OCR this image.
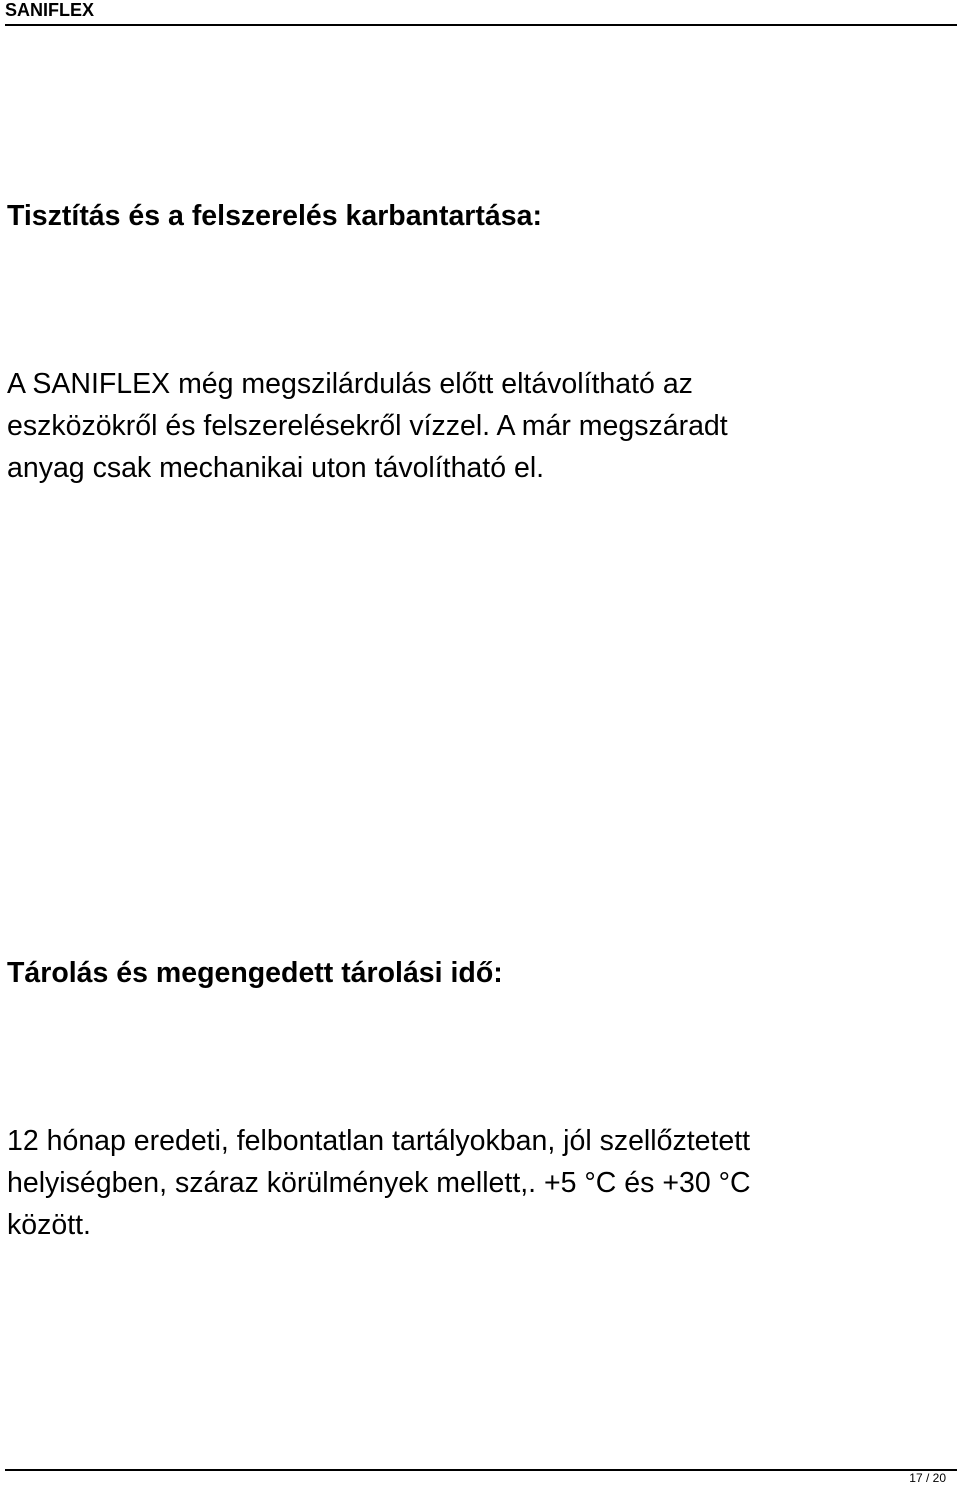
SANIFLEX
Tisztítás és a felszerelés karbantartása:

A SANIFLEX még megszilárdulás előtt eltávolítható az
eszközökről és felszerelésekről vízzel. A már megszáradt
anyag csak mechanikai uton távolítható el.

Tárolás és megengedett tárolási idő:

12 hónap eredeti, felbontatlan tartályokban, jól szellőztetett
helyiségben, száraz körülmények mellett,. +5 °C és +30 °C
között.

17 / 20
